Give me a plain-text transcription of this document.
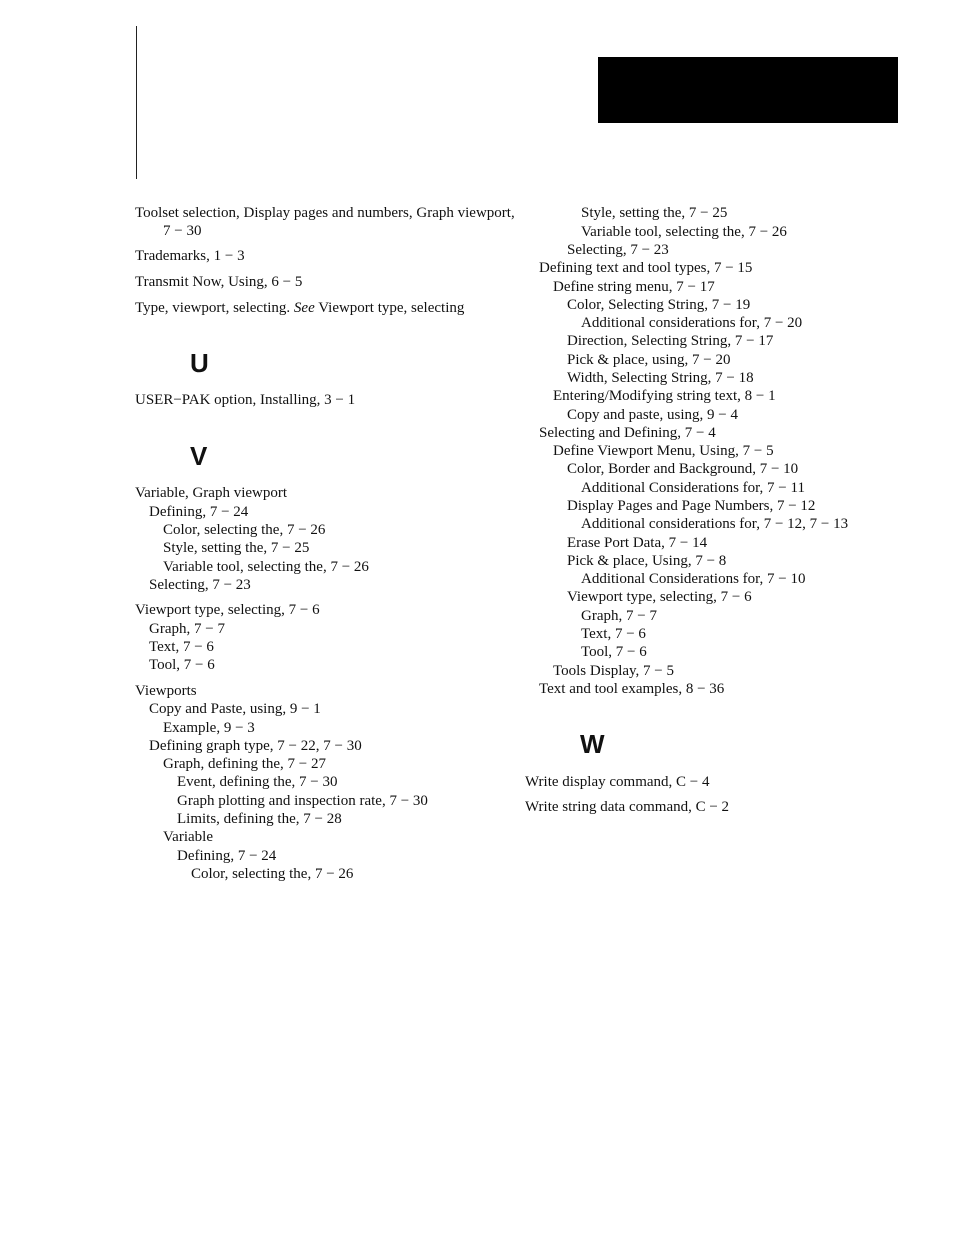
Toolset selection, Display pages and numbers, Graph viewport, 7 − 30
Trademarks, 1 − 3
Transmit Now, Using, 6 − 5
Type, viewport, selecting. See Viewport type, selecting
U
USER−PAK option, Installing, 3 − 1
V
Variable, Graph viewport
Defining, 7 − 24
Color, selecting the, 7 − 26
Style, setting the, 7 − 25
Variable tool, selecting the, 7 − 26
Selecting, 7 − 23
Viewport type, selecting, 7 − 6
Graph, 7 − 7
Text, 7 − 6
Tool, 7 − 6
Viewports
Copy and Paste, using, 9 − 1
Example, 9 − 3
Defining graph type, 7 − 22, 7 − 30
Graph, defining the, 7 − 27
Event, defining the, 7 − 30
Graph plotting and inspection rate, 7 − 30
Limits, defining the, 7 − 28
Variable
Defining, 7 − 24
Color, selecting the, 7 − 26
Style, setting the, 7 − 25
Variable tool, selecting the, 7 − 26
Selecting, 7 − 23
Defining text and tool types, 7 − 15
Define string menu, 7 − 17
Color, Selecting String, 7 − 19
Additional considerations for, 7 − 20
Direction, Selecting String, 7 − 17
Pick & place, using, 7 − 20
Width, Selecting String, 7 − 18
Entering/Modifying string text, 8 − 1
Copy and paste, using, 9 − 4
Selecting and Defining, 7 − 4
Define Viewport Menu, Using, 7 − 5
Color, Border and Background, 7 − 10
Additional Considerations for, 7 − 11
Display Pages and Page Numbers, 7 − 12
Additional considerations for, 7 − 12, 7 − 13
Erase Port Data, 7 − 14
Pick & place, Using, 7 − 8
Additional Considerations for, 7 − 10
Viewport type, selecting, 7 − 6
Graph, 7 − 7
Text, 7 − 6
Tool, 7 − 6
Tools Display, 7 − 5
Text and tool examples, 8 − 36
W
Write display command, C − 4
Write string data command, C − 2
